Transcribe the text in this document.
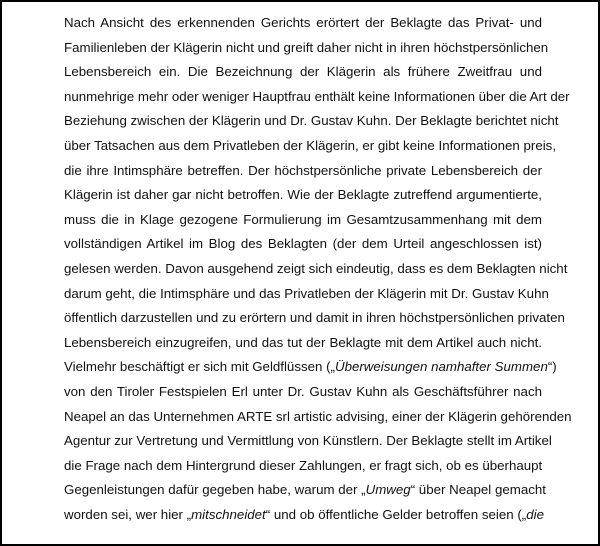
Nach Ansicht des erkennenden Gerichts erörtert der Beklagte das Privat- und
Familienleben der Klägerin nicht und greift daher nicht in ihren höchstpersönlichen
Lebensbereich ein. Die Bezeichnung der Klägerin als frühere Zweitfrau und
nunmehrige mehr oder weniger Hauptfrau enthält keine Informationen über die Art der
Beziehung zwischen der Klägerin und Dr. Gustav Kuhn. Der Beklagte berichtet nicht
über Tatsachen aus dem Privatleben der Klägerin, er gibt keine Informationen preis,
die ihre Intimsphäre betreffen. Der höchstpersönliche private Lebensbereich der
Klägerin ist daher gar nicht betroffen. Wie der Beklagte zutreffend argumentierte,
muss die in Klage gezogene Formulierung im Gesamtzusammenhang mit dem
vollständigen Artikel im Blog des Beklagten (der dem Urteil angeschlossen ist)
gelesen werden. Davon ausgehend zeigt sich eindeutig, dass es dem Beklagten nicht
darum geht, die Intimsphäre und das Privatleben der Klägerin mit Dr. Gustav Kuhn
öffentlich darzustellen und zu erörtern und damit in ihren höchstpersönlichen privaten
Lebensbereich einzugreifen, und das tut der Beklagte mit dem Artikel auch nicht.
Vielmehr beschäftigt er sich mit Geldflüssen („Überweisungen namhafter Summen“)
von den Tiroler Festspielen Erl unter Dr. Gustav Kuhn als Geschäftsführer nach
Neapel an das Unternehmen ARTE srl artistic advising, einer der Klägerin gehörenden
Agentur zur Vertretung und Vermittlung von Künstlern. Der Beklagte stellt im Artikel
die Frage nach dem Hintergrund dieser Zahlungen, er fragt sich, ob es überhaupt
Gegenleistungen dafür gegeben habe, warum der „Umweg“ über Neapel gemacht
worden sei, wer hier „mitschneidet“ und ob öffentliche Gelder betroffen seien („die
